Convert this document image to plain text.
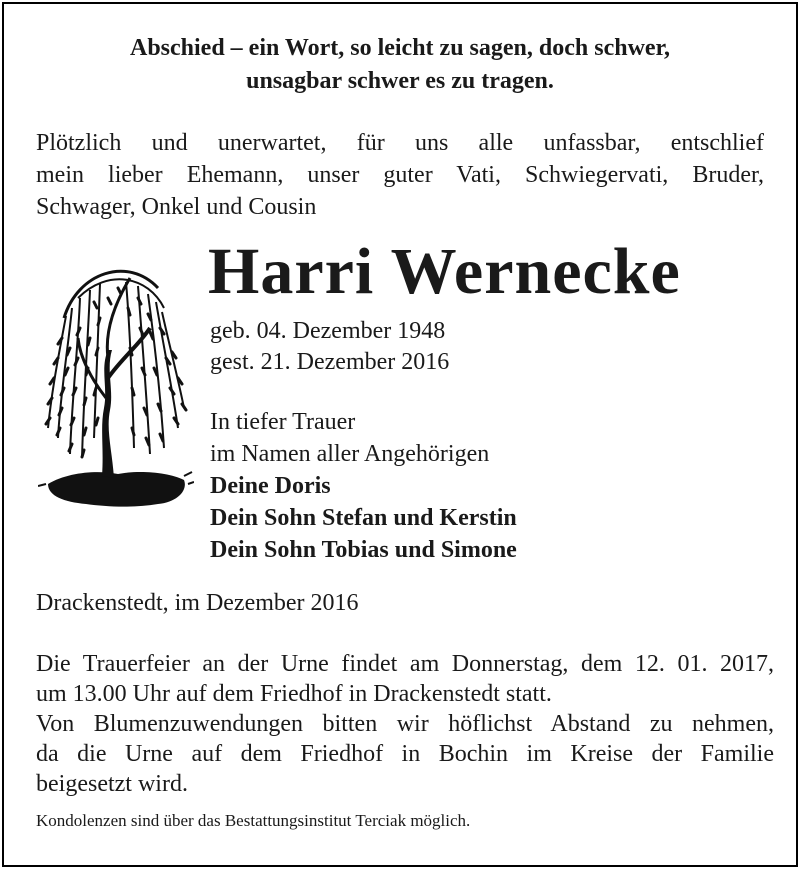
Abschied – ein Wort, so leicht zu sagen, doch schwer,
unsagbar schwer es zu tragen.
Plötzlich und unerwartet, für uns alle unfassbar, entschlief
mein lieber Ehemann, unser guter Vati, Schwiegervati, Bruder,
Schwager, Onkel und Cousin
Harri Wernecke
geb. 04. Dezember 1948
gest. 21. Dezember 2016
In tiefer Trauer
im Namen aller Angehörigen
Deine Doris
Dein Sohn Stefan und Kerstin
Dein Sohn Tobias und Simone
Drackenstedt, im Dezember 2016
Die Trauerfeier an der Urne findet am Donnerstag, dem 12. 01. 2017,
um 13.00 Uhr auf dem Friedhof in Drackenstedt statt.
Von Blumenzuwendungen bitten wir höflichst Abstand zu nehmen,
da die Urne auf dem Friedhof in Bochin im Kreise der Familie
beigesetzt wird.
Kondolenzen sind über das Bestattungsinstitut Terciak möglich.
